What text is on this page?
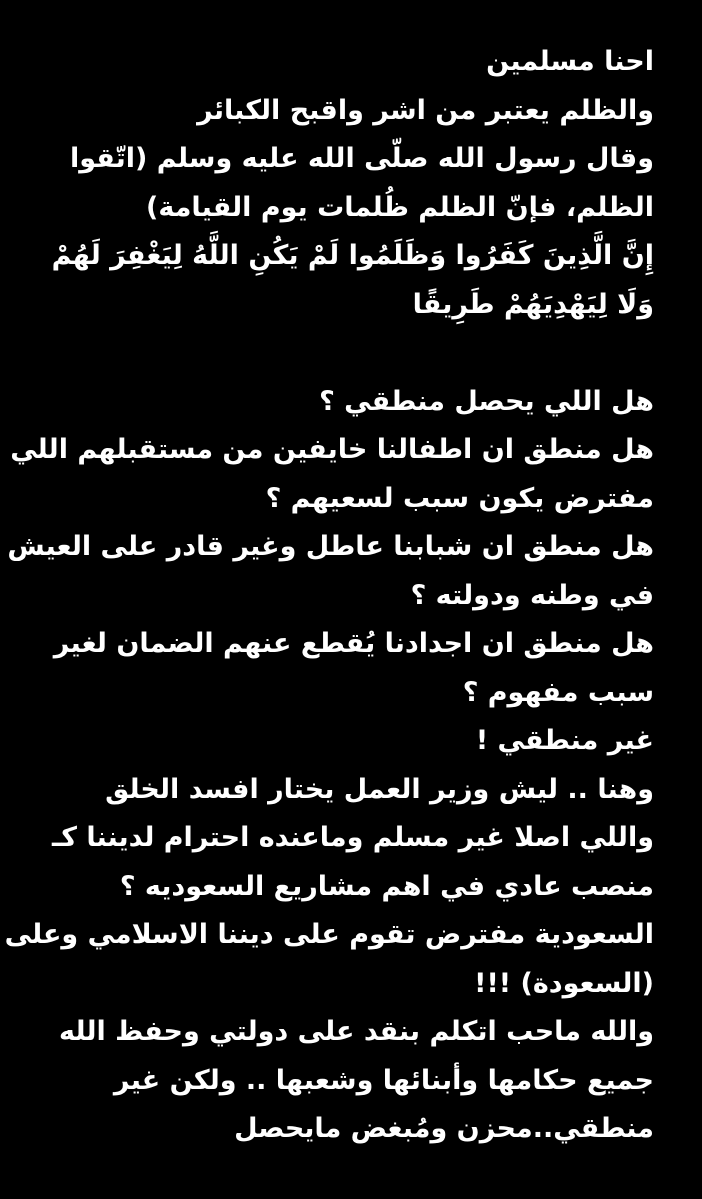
احنا مسلمين
والظلم يعتبر من اشر واقبح الكبائر
وقال رسول الله صلّى الله عليه وسلم (اتّقوا
الظلم، فإنّ الظلم ظُلمات يوم القيامة)
إِنَّ الَّذِينَ كَفَرُوا وَظَلَمُوا لَمْ يَكُنِ اللَّهُ لِيَغْفِرَ لَهُمْ
وَلَا لِيَهْدِيَهُمْ طَرِيقًا
هل اللي يحصل منطقي ؟
هل منطق ان اطفالنا خايفين من مستقبلهم اللي
مفترض يكون سبب لسعيهم ؟
هل منطق ان شبابنا عاطل وغير قادر على العيش
في وطنه ودولته ؟
هل منطق ان اجدادنا يُقطع عنهم الضمان لغير
سبب مفهوم ؟
غير منطقي !
وهنا .. ليش وزير العمل يختار افسد الخلق
واللي اصلا غير مسلم وماعنده احترام لديننا كـ
منصب عادي في اهم مشاريع السعوديه ؟
السعودية مفترض تقوم على ديننا الاسلامي وعلى
(السعودة) !!!
والله ماحب اتكلم بنقد على دولتي وحفظ الله
جميع حكامها وأبنائها وشعبها .. ولكن غير
منطقي..محزن ومُبغض مايحصل
